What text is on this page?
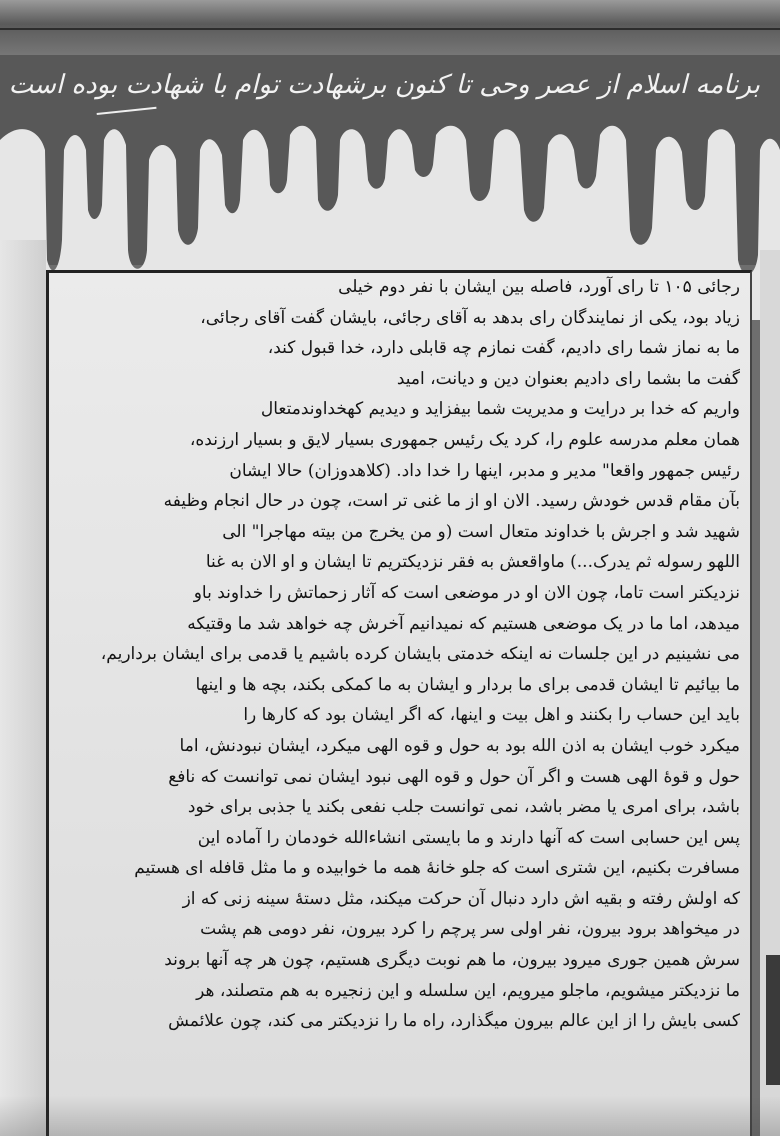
برنامه اسلام از عصر وحی تا کنون برشهادت توام با شهادت بوده است
رجائی ۱۰۵ تا رای آورد، فاصله بین ایشان با نفر دوم خیلی
زیاد بود، یکی از نمایندگان رای بدهد به آقای رجائی، بایشان گفت آقای رجائی،
ما به نماز شما رای دادیم، گفت نمازم چه قابلی دارد، خدا قبول کند،
گفت ما بشما رای دادیم بعنوان دین و دیانت، امید
واریم که خدا بر درایت و مدیریت شما بیفزاید و دیدیم کهخداوندمتعال
همان معلم مدرسه علوم را، کرد یک رئیس جمهوری بسیار لایق و بسیار ارزنده،
رئیس جمهور واقعا" مدیر و مدبر، اینها را خدا داد. (کلاهدوزان) حالا ایشان
بآن مقام قدس خودش رسید. الان او از ما غنی تر است، چون در حال انجام وظیفه
شهید شد و اجرش با خداوند متعال است (و من یخرج من بیته مهاجرا" الی
اللهو رسوله ثم یدرک...) ماواقعش به فقر نزدیکتریم تا ایشان و او الان به غنا
نزدیکتر است تاما، چون الان او در موضعی است که آثار زحماتش را خداوند باو
میدهد، اما ما در یک موضعی هستیم که نمیدانیم آخرش چه خواهد شد ما وقتیکه
می نشینیم در این جلسات نه اینکه خدمتی بایشان کرده باشیم یا قدمی برای ایشان برداریم،
ما بیائیم تا ایشان قدمی برای ما بردار و ایشان به ما کمکی بکند، بچه ها و اینها
باید این حساب را بکنند و اهل بیت و اینها، که اگر ایشان بود که کارها را
میکرد خوب ایشان به اذن الله بود به حول و قوه الهی میکرد، ایشان نبودنش، اما
حول و قوهٔ الهی هست و اگر آن حول و قوه الهی نبود ایشان نمی توانست که نافع
باشد، برای امری یا مضر باشد، نمی توانست جلب نفعی بکند یا جذبی برای خود
پس این حسابی است که آنها دارند و ما بایستی انشاءالله خودمان را آماده این
مسافرت بکنیم، این شتری است که جلو خانهٔ همه ما خوابیده و ما مثل قافله ای هستیم
که اولش رفته و بقیه اش دارد دنبال آن حرکت میکند، مثل دستهٔ سینه زنی که از
در میخواهد برود بیرون، نفر اولی سر پرچم را کرد بیرون، نفر دومی هم پشت
سرش همین جوری میرود بیرون، ما هم نوبت دیگری هستیم، چون هر چه آنها بروند
ما نزدیکتر میشویم، ماجلو میرویم، این سلسله و این زنجیره به هم متصلند، هر
کسی بایش را از این عالم بیرون میگذارد، راه ما را نزدیکتر می کند، چون علائمش
